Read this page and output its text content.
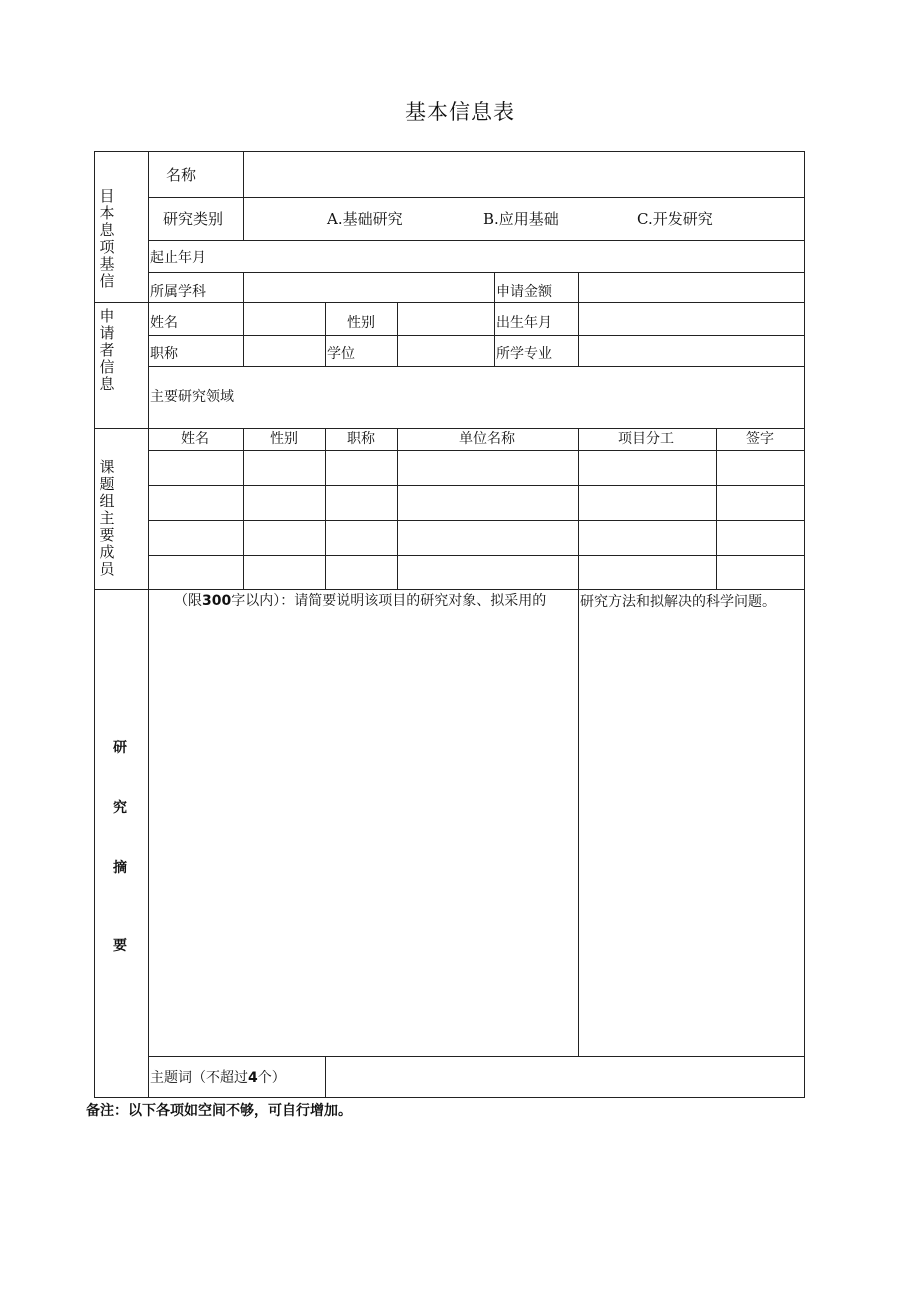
基本信息表
目本息项基信
名称
研究类别	A.基础研究	B.应用基础	C.开发研究
起止年月
所属学科	申请金额
申请者信息
姓名	性别	出生年月
职称	学位	所学专业
主要研究领域
课题组主要成员
姓名	性别	职称	单位名称	项目分工	签字
研
究
摘
要
（限300字以内）：请简要说明该项目的研究对象、拟采用的	研究方法和拟解决的科学问题。
主题词（不超过4个）
备注：以下各项如空间不够，可自行增加。
